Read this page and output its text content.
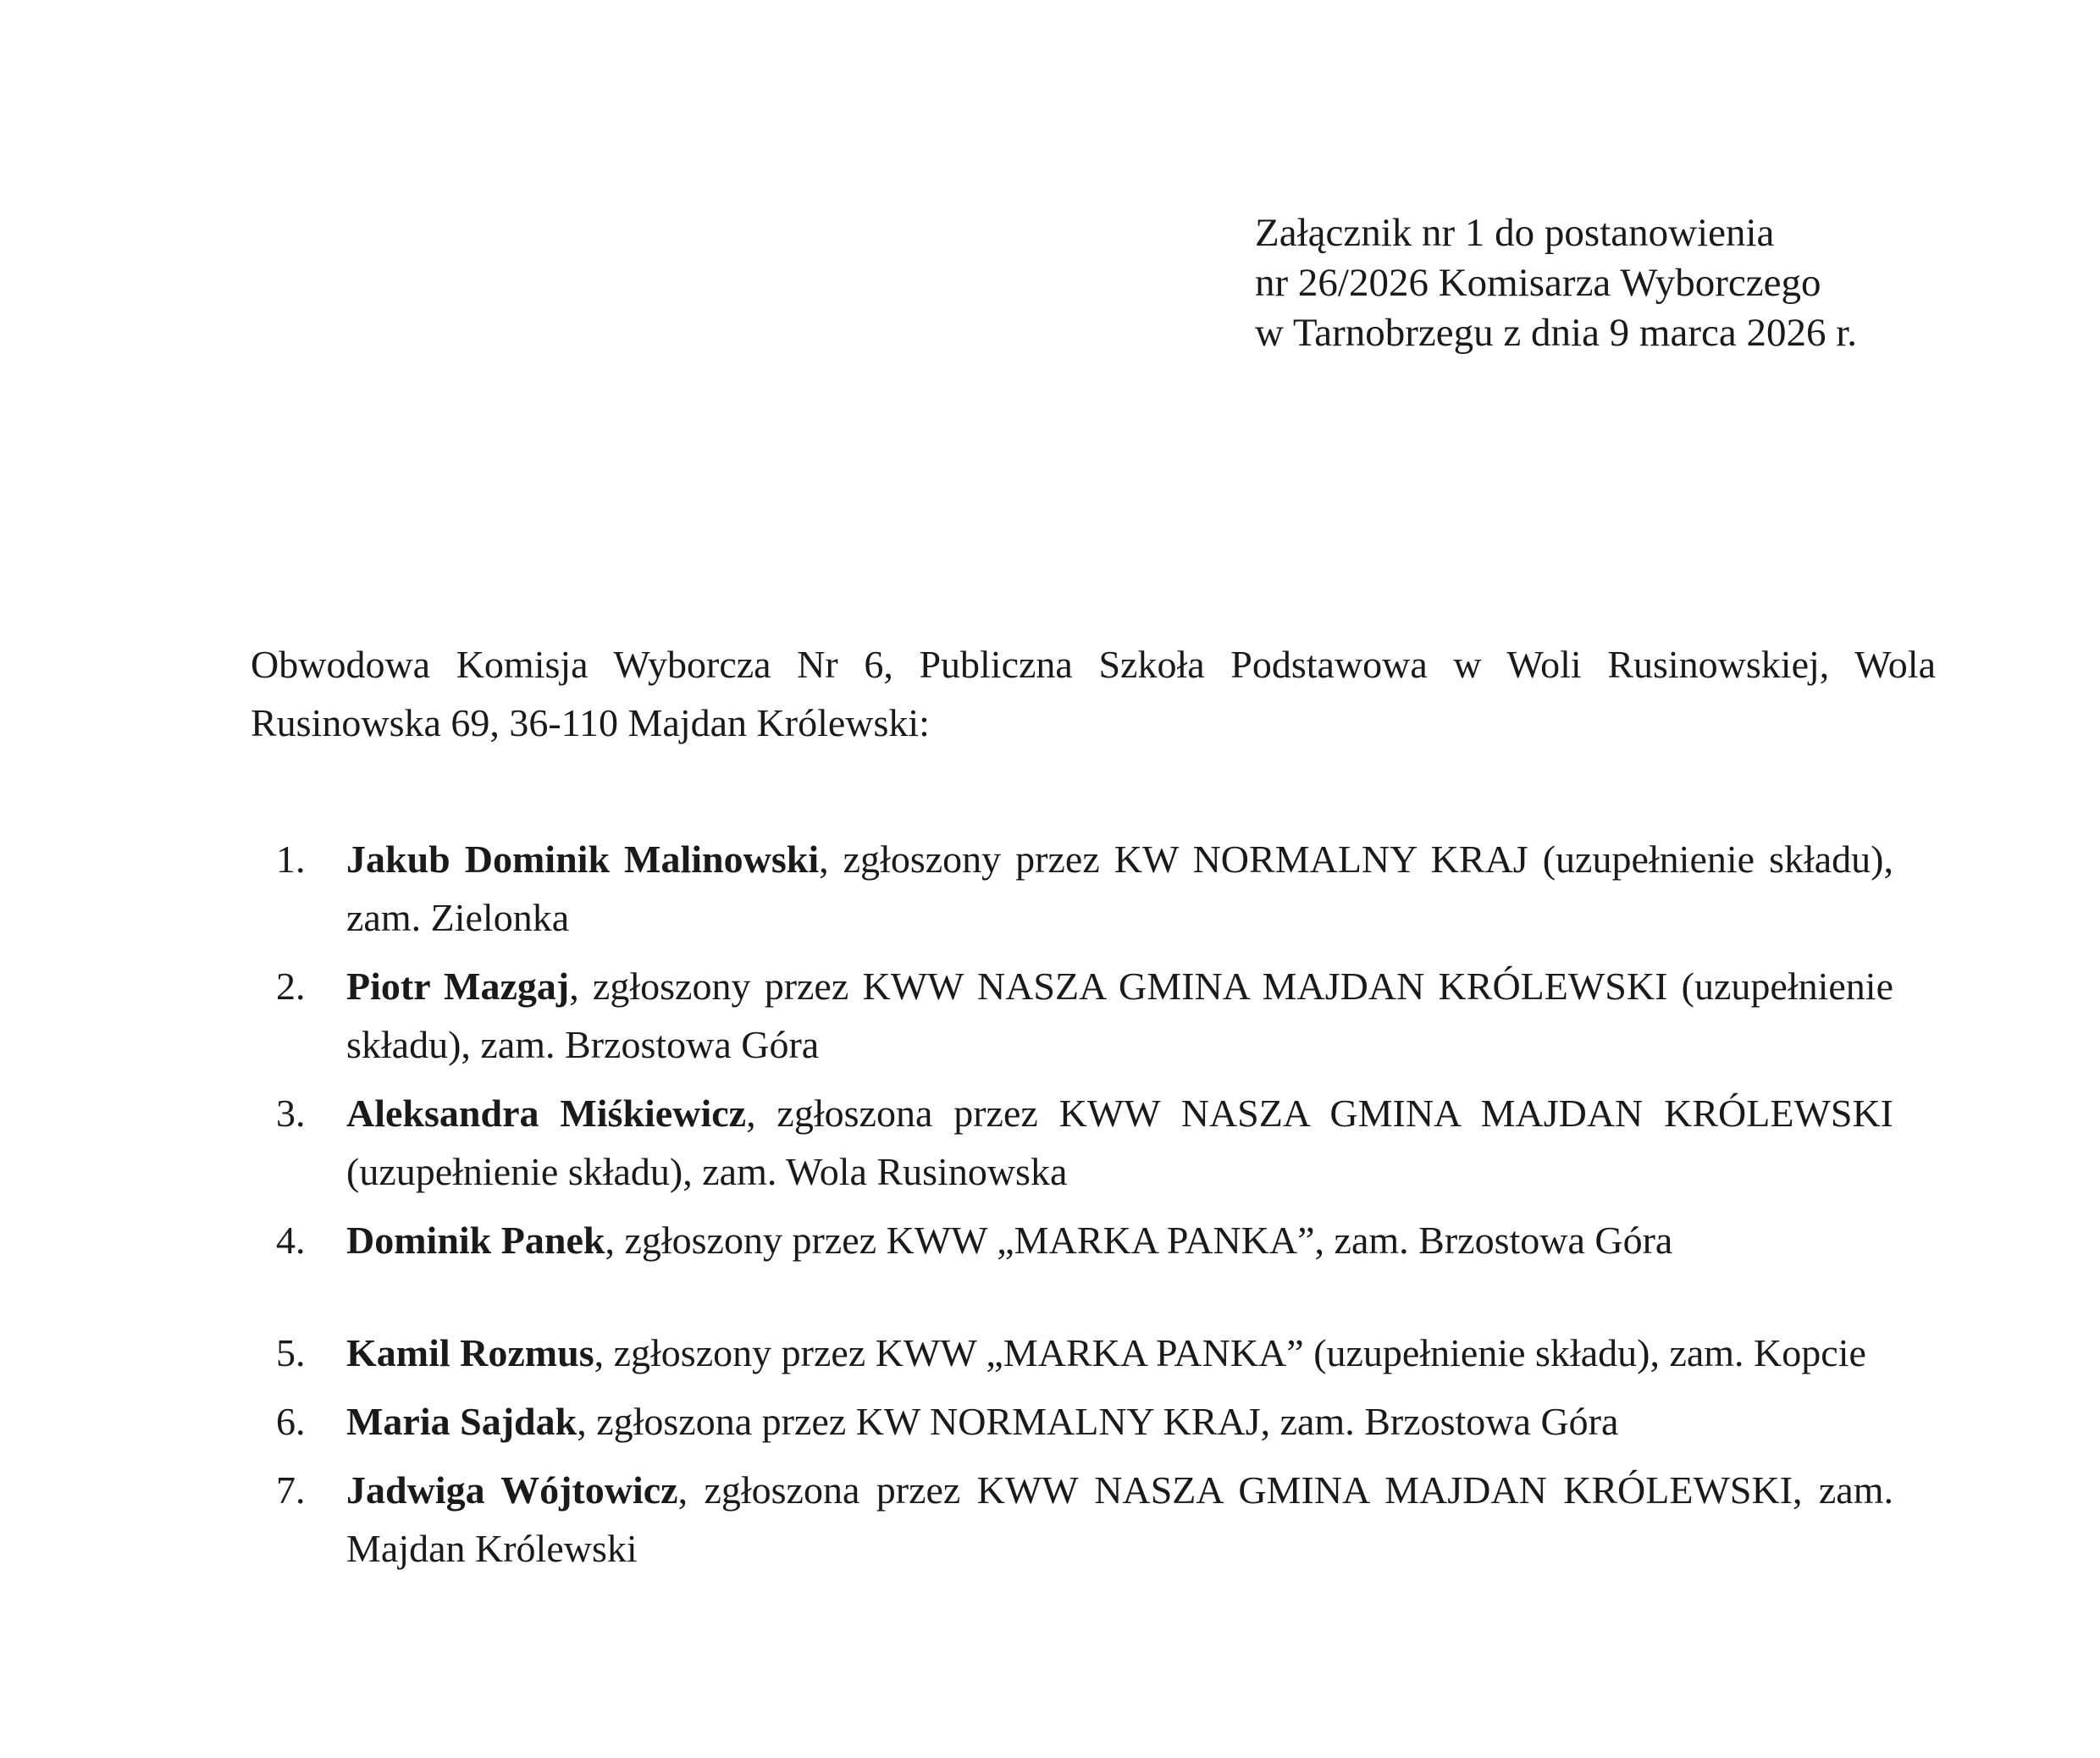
Załącznik nr 1 do postanowienia
nr 26/2026 Komisarza Wyborczego
w Tarnobrzegu z dnia 9 marca 2026 r.

Obwodowa Komisja Wyborcza Nr 6, Publiczna Szkoła Podstawowa w Woli Rusinowskiej, Wola Rusinowska 69, 36-110 Majdan Królewski:

1.	Jakub Dominik Malinowski, zgłoszony przez KW NORMALNY KRAJ (uzupełnienie składu), zam. Zielonka
2.	Piotr Mazgaj, zgłoszony przez KWW NASZA GMINA MAJDAN KRÓLEWSKI (uzupełnienie składu), zam. Brzostowa Góra
3.	Aleksandra Miśkiewicz, zgłoszona przez KWW NASZA GMINA MAJDAN KRÓLEWSKI (uzupełnienie składu), zam. Wola Rusinowska
4.	Dominik Panek, zgłoszony przez KWW „MARKA PANKA”, zam. Brzostowa Góra
5.	Kamil Rozmus, zgłoszony przez KWW „MARKA PANKA” (uzupełnienie składu), zam. Kopcie
6.	Maria Sajdak, zgłoszona przez KW NORMALNY KRAJ, zam. Brzostowa Góra
7.	Jadwiga Wójtowicz, zgłoszona przez KWW NASZA GMINA MAJDAN KRÓLEWSKI, zam. Majdan Królewski
